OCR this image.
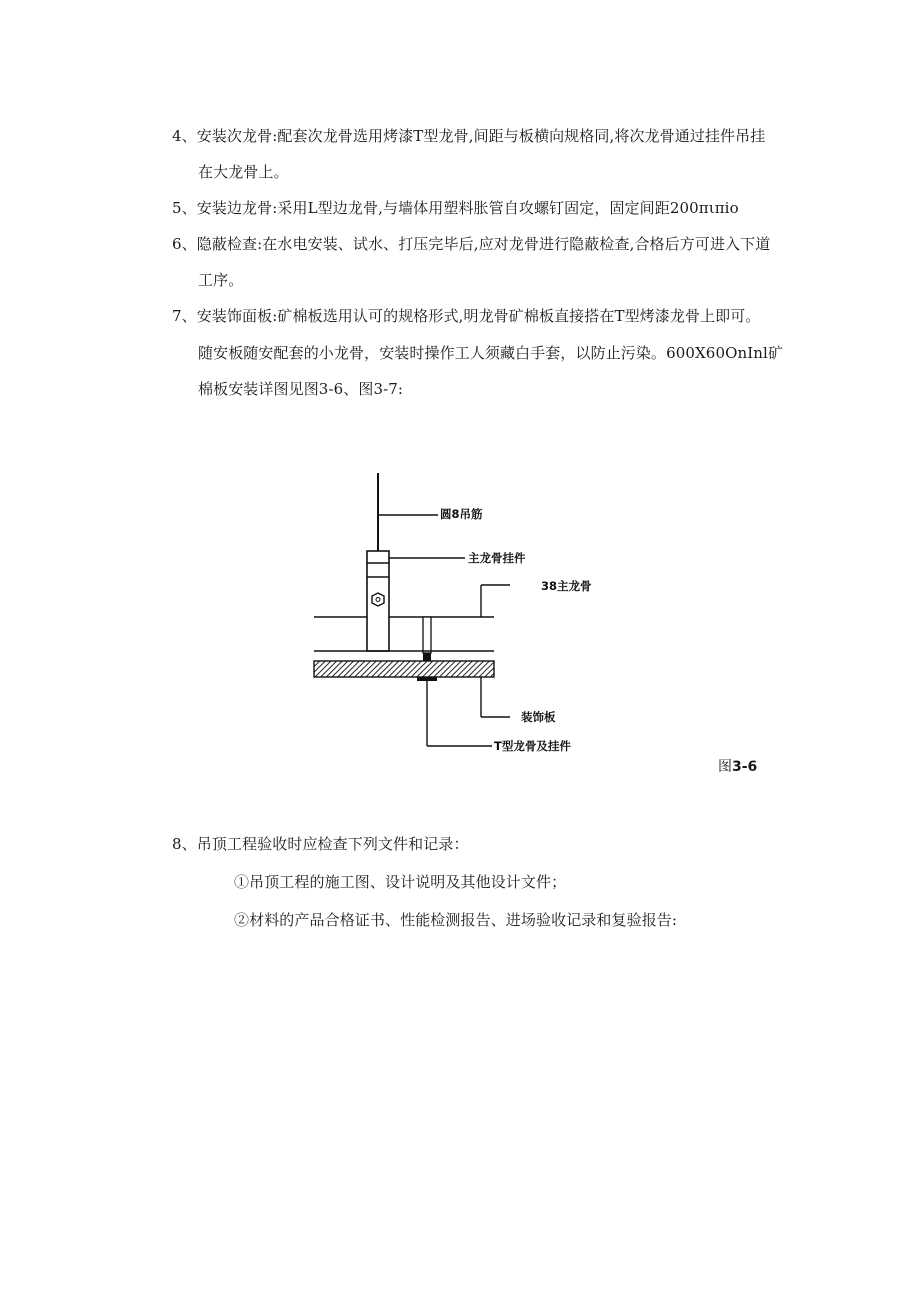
4、安装次龙骨:配套次龙骨选用烤漆T型龙骨,间距与板横向规格同,将次龙骨通过挂件吊挂
在大龙骨上。
5、安装边龙骨:采用L型边龙骨,与墙体用塑料胀管自攻螺钉固定，固定间距200πιπio
6、隐蔽检查:在水电安装、试水、打压完毕后,应对龙骨进行隐蔽检查,合格后方可进入下道
工序。
7、安装饰面板:矿棉板选用认可的规格形式,明龙骨矿棉板直接搭在T型烤漆龙骨上即可。
随安板随安配套的小龙骨，安装时操作工人须藏白手套，以防止污染。600X60OnInl矿
棉板安装详图见图3-6、图3-7:
圆8吊筋
主龙骨挂件
38主龙骨
装饰板
T型龙骨及挂件
图3-6
8、吊顶工程验收时应检查下列文件和记录：
①吊顶工程的施工图、设计说明及其他设计文件；
②材料的产品合格证书、性能检测报告、进场验收记录和复验报告:
